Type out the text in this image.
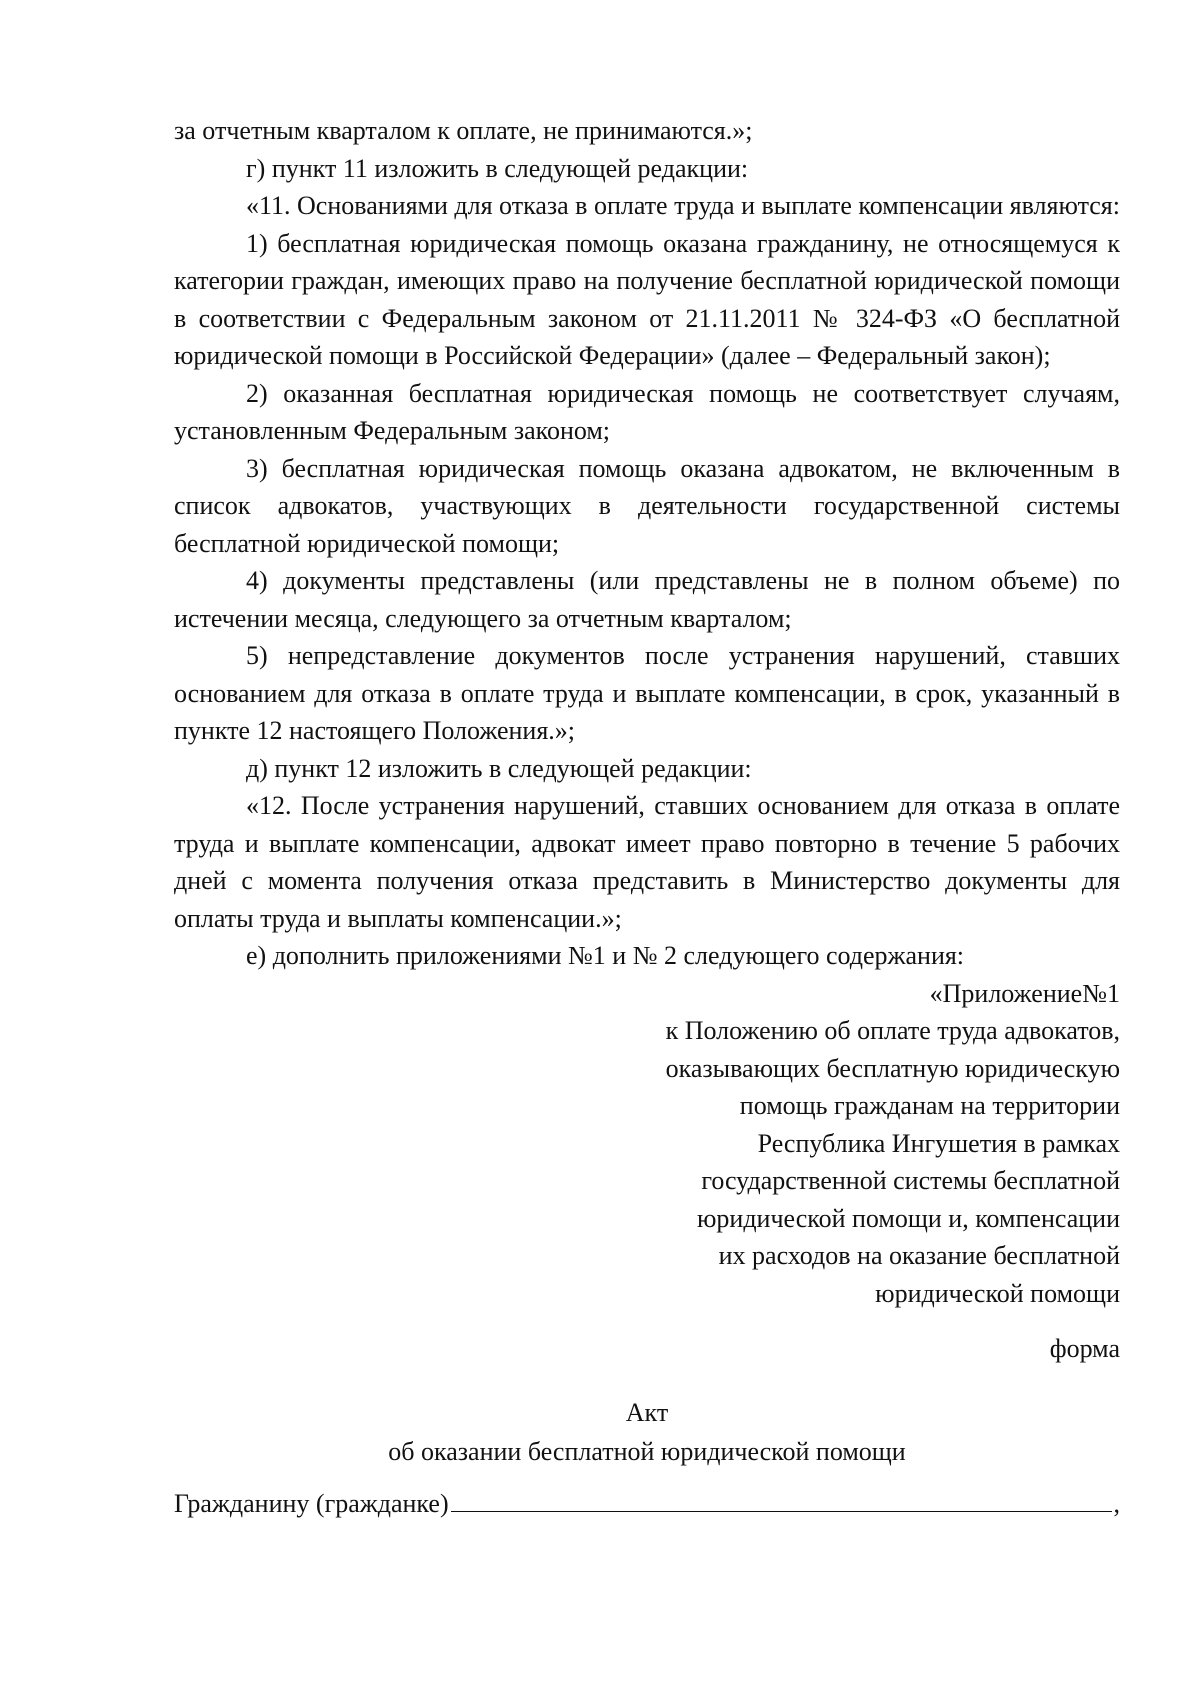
за отчетным кварталом к оплате, не принимаются.»;

г) пункт 11 изложить в следующей редакции:

«11. Основаниями для отказа в оплате труда и выплате компенсации являются:

1) бесплатная юридическая помощь оказана гражданину, не относящемуся к категории граждан, имеющих право на получение бесплатной юридической помощи в соответствии с Федеральным законом от 21.11.2011 № 324-ФЗ «О бесплатной юридической помощи в Российской Федерации» (далее – Федеральный закон);

2) оказанная бесплатная юридическая помощь не соответствует случаям, установленным Федеральным законом;

3) бесплатная юридическая помощь оказана адвокатом, не включенным в список адвокатов, участвующих в деятельности государственной системы бесплатной юридической помощи;

4) документы представлены (или представлены не в полном объеме) по истечении месяца, следующего за отчетным кварталом;

5) непредставление документов после устранения нарушений, ставших основанием для отказа в оплате труда и выплате компенсации, в срок, указанный в пункте 12 настоящего Положения.»;

д) пункт 12 изложить в следующей редакции:

«12. После устранения нарушений, ставших основанием для отказа в оплате труда и выплате компенсации, адвокат имеет право повторно в течение 5 рабочих дней с момента получения отказа представить в Министерство документы для оплаты труда и выплаты компенсации.»;

е) дополнить приложениями №1 и № 2 следующего содержания:

«Приложение№1
к Положению об оплате труда адвокатов,
оказывающих бесплатную юридическую
помощь гражданам на территории
Республика Ингушетия в рамках
государственной системы бесплатной
юридической помощи и, компенсации
их расходов на оказание бесплатной
юридической помощи
форма
Акт
об оказании бесплатной юридической помощи
Гражданину (гражданке)	,
